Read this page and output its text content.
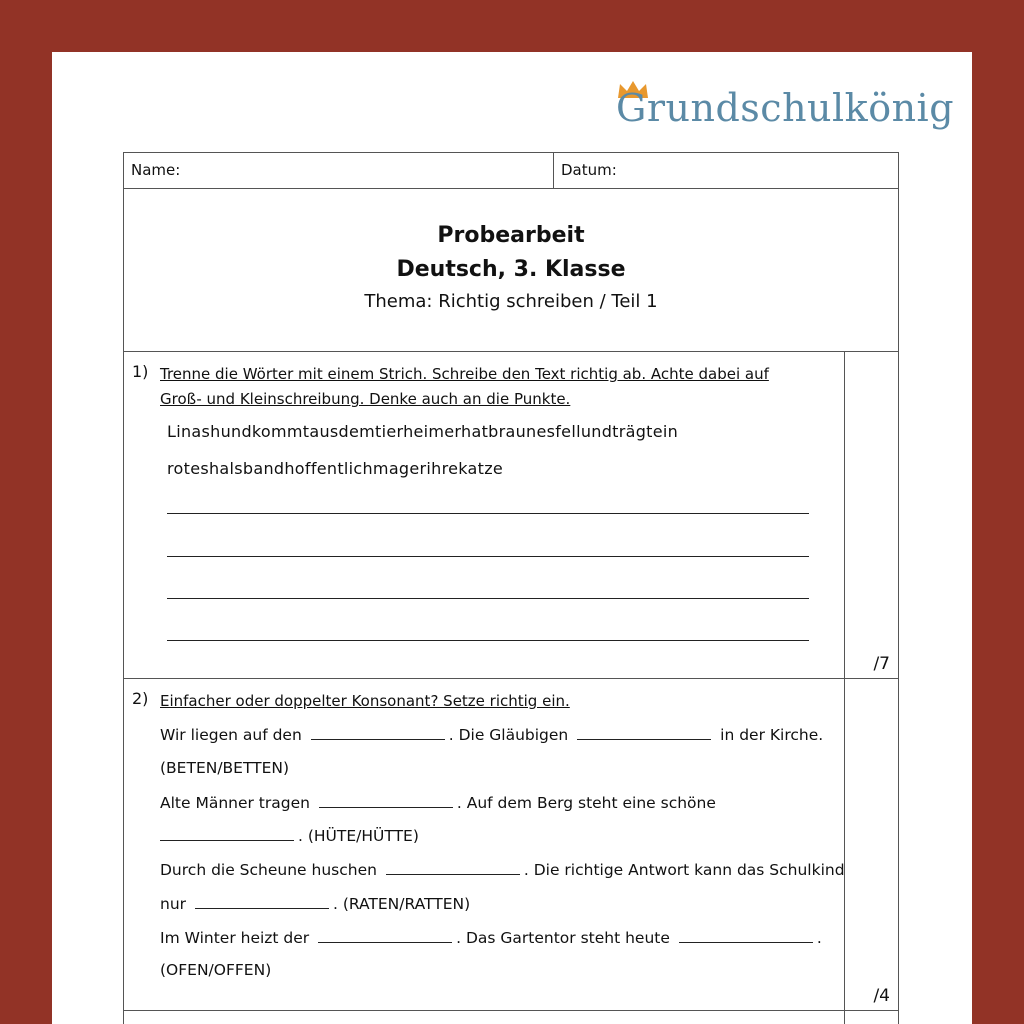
Grundschulkönig
Name:	Datum:
Probearbeit
Deutsch, 3. Klasse
Thema: Richtig schreiben / Teil 1
1) Trenne die Wörter mit einem Strich. Schreibe den Text richtig ab. Achte dabei auf Groß- und Kleinschreibung. Denke auch an die Punkte.
Linashundkommtausdemtierheimerhatbraunesfellundträgtein
roteshalsbandhoffentlichmagerihrekatze
/7
2) Einfacher oder doppelter Konsonant? Setze richtig ein.
Wir liegen auf den	. Die Gläubigen	in der Kirche.
(BETEN/BETTEN)
Alte Männer tragen	. Auf dem Berg steht eine schöne
. (HÜTE/HÜTTE)
Durch die Scheune huschen	. Die richtige Antwort kann das Schulkind
nur	. (RATEN/RATTEN)
Im Winter heizt der	. Das Gartentor steht heute	.
(OFEN/OFFEN)
/4
